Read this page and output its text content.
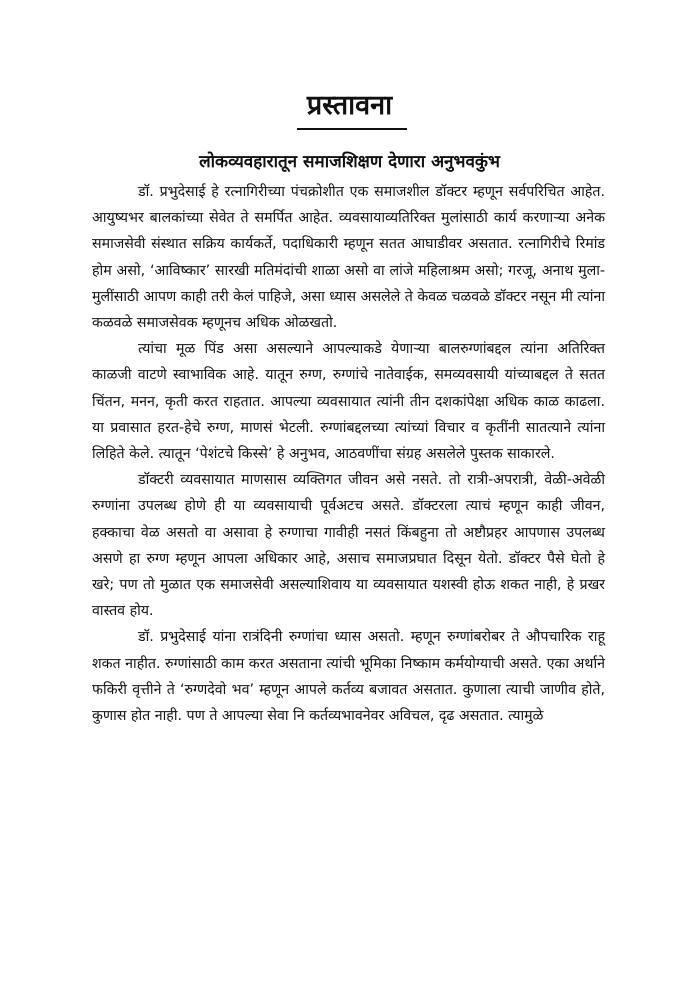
प्रस्तावना
लोकव्यवहारातून समाजशिक्षण देणारा अनुभवकुंभ

डॉ. प्रभुदेसाई हे रत्नागिरीच्या पंचक्रोशीत एक समाजशील डॉक्टर म्हणून सर्वपरिचित आहेत. आयुष्यभर बालकांच्या सेवेत ते समर्पित आहेत. व्यवसायाव्यतिरिक्त मुलांसाठी कार्य करणाऱ्या अनेक समाजसेवी संस्थात सक्रिय कार्यकर्ते, पदाधिकारी म्हणून सतत आघाडीवर असतात. रत्नागिरीचे रिमांड होम असो, ‘आविष्कार’ सारखी मतिमंदांची शाळा असो वा लांजे महिलाश्रम असो; गरजू, अनाथ मुला-मुलींसाठी आपण काही तरी केलं पाहिजे, असा ध्यास असलेले ते केवळ चळवळे डॉक्टर नसून मी त्यांना कळवळे समाजसेवक म्हणूनच अधिक ओळखतो.

त्यांचा मूळ पिंड असा असल्याने आपल्याकडे येणाऱ्या बालरुग्णांबद्दल त्यांना अतिरिक्त काळजी वाटणे स्वाभाविक आहे. यातून रुग्ण, रुग्णांचे नातेवाईक, समव्यवसायी यांच्याबद्दल ते सतत चिंतन, मनन, कृती करत राहतात. आपल्या व्यवसायात त्यांनी तीन दशकांपेक्षा अधिक काळ काढला. या प्रवासात हरत-हेचे रुग्ण, माणसं भेटली. रुग्णांबद्दलच्या त्यांच्यां विचार व कृतींनी सातत्याने त्यांना लिहिते केले. त्यातून ‘पेशंटचे किस्से’ हे अनुभव, आठवणींचा संग्रह असलेले पुस्तक साकारले.

डॉक्टरी व्यवसायात माणसास व्यक्तिगत जीवन असे नसते. तो रात्री-अपरात्री, वेळी-अवेळी रुग्णांना उपलब्ध होणे ही या व्यवसायाची पूर्वअटच असते. डॉक्टरला त्याचं म्हणून काही जीवन, हक्काचा वेळ असतो वा असावा हे रुग्णाचा गावीही नसतं किंबहुना तो अष्टौप्रहर आपणास उपलब्ध असणे हा रुग्ण म्हणून आपला अधिकार आहे, असाच समाजप्रघात दिसून येतो. डॉक्टर पैसे घेतो हे खरे; पण तो मुळात एक समाजसेवी असल्याशिवाय या व्यवसायात यशस्वी होऊ शकत नाही, हे प्रखर वास्तव होय.

डॉ. प्रभुदेसाई यांना रात्रंदिनी रुग्णांचा ध्यास असतो. म्हणून रुग्णांबरोबर ते औपचारिक राहू शकत नाहीत. रुग्णांसाठी काम करत असताना त्यांची भूमिका निष्काम कर्मयोग्याची असते. एका अर्थाने फकिरी वृत्तीने ते ‘रुग्णदेवो भव’ म्हणून आपले कर्तव्य बजावत असतात. कुणाला त्याची जाणीव होते, कुणास होत नाही. पण ते आपल्या सेवा नि कर्तव्यभावनेवर अविचल, दृढ असतात. त्यामुळे
